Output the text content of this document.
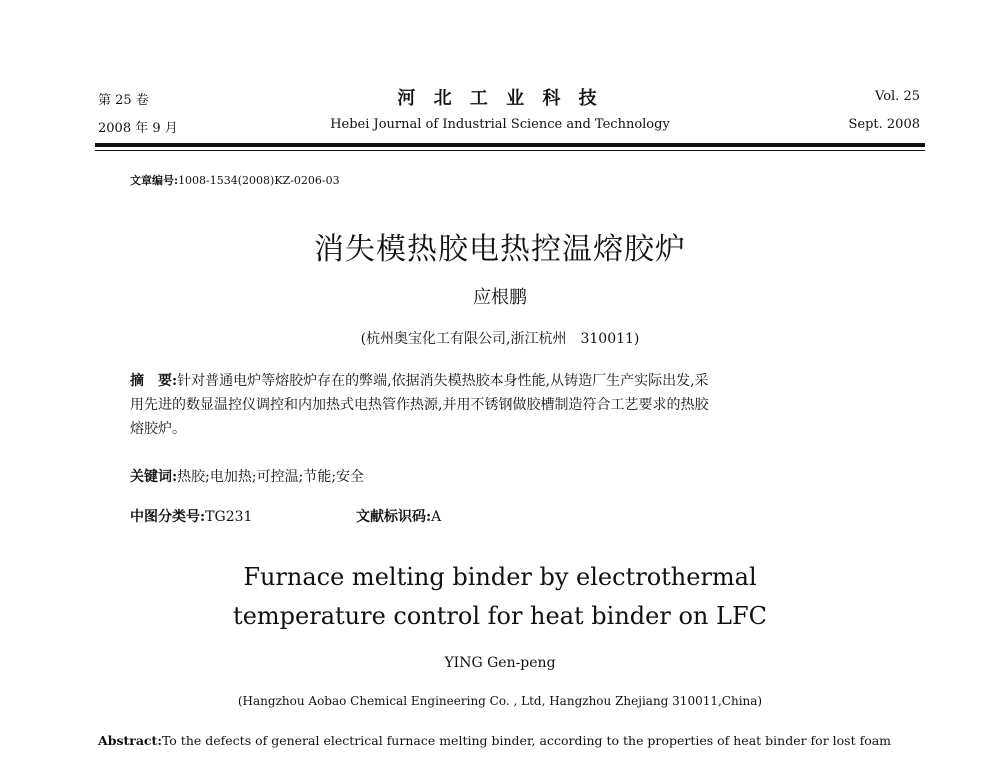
第 25 卷
2008 年 9 月
河 北 工 业 科 技
Hebei Journal of Industrial Science and Technology
Vol. 25
Sept. 2008
文章编号:1008-1534(2008)KZ-0206-03
消失模热胶电热控温熔胶炉
应根鹏
(杭州奥宝化工有限公司,浙江杭州　310011)
摘　要:针对普通电炉等熔胶炉存在的弊端,依据消失模热胶本身性能,从铸造厂生产实际出发,采
用先进的数显温控仪调控和内加热式电热管作热源,并用不锈钢做胶槽制造符合工艺要求的热胶
熔胶炉。
关键词:热胶;电加热;可控温;节能;安全
中图分类号:TG231	文献标识码:A
Furnace melting binder by electrothermal
temperature control for heat binder on LFC
YING Gen-peng
(Hangzhou Aobao Chemical Engineering Co. , Ltd, Hangzhou Zhejiang 310011,China)
Abstract:To the defects of general electrical furnace melting binder, according to the properties of heat binder for lost foam
